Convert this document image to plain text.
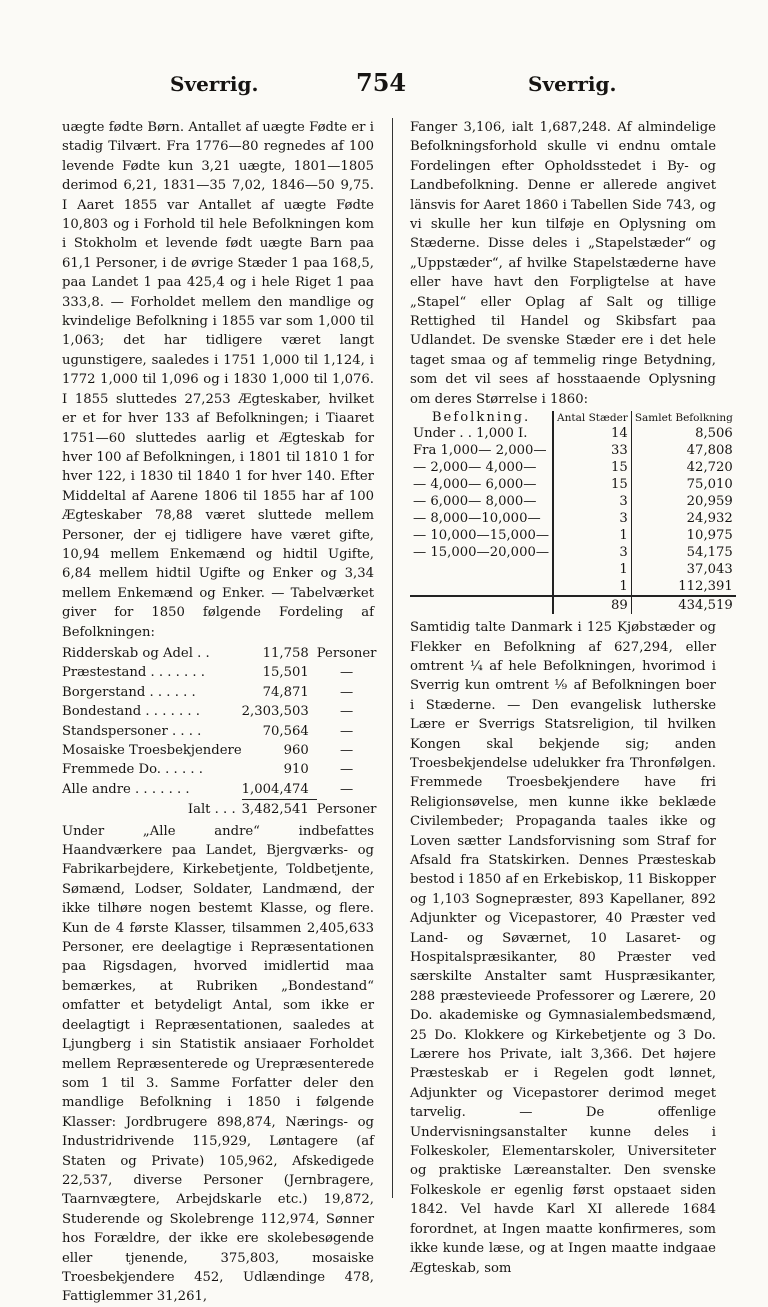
Sverrig.	754	Sverrig.

uægte fødte Børn. Antallet af uægte Fødte er i stadig Tilvært. Fra 1776—80 regnedes af 100 levende Fødte kun 3,21 uægte, 1801—1805 derimod 6,21, 1831—35 7,02, 1846—50 9,75. I Aaret 1855 var Antallet af uægte Fødte 10,803 og i Forhold til hele Befolkningen kom i Stokholm et levende født uægte Barn paa 61,1 Personer, i de øvrige Stæder 1 paa 168,5, paa Landet 1 paa 425,4 og i hele Riget 1 paa 333,8. — Forholdet mellem den mandlige og kvindelige Befolkning i 1855 var som 1,000 til 1,063; det har tidligere været langt ugunstigere, saaledes i 1751 1,000 til 1,124, i 1772 1,000 til 1,096 og i 1830 1,000 til 1,076. I 1855 sluttedes 27,253 Ægteskaber, hvilket er et for hver 133 af Befolkningen; i Tiaaret 1751—60 sluttedes aarlig et Ægteskab for hver 100 af Befolkningen, i 1801 til 1810 1 for hver 122, i 1830 til 1840 1 for hver 140. Efter Middeltal af Aarene 1806 til 1855 har af 100 Ægteskaber 78,88 været sluttede mellem Personer, der ej tidligere have været gifte, 10,94 mellem Enkemænd og hidtil Ugifte, 6,84 mellem hidtil Ugifte og Enker og 3,34 mellem Enkemænd og Enker. — Tabelværket giver for 1850 følgende Fordeling af Befolkningen:

Ridderskab og Adel . .	11,758	Personer
Præstestand . . . . . . .	15,501	—
Borgerstand . . . . . .	74,871	—
Bondestand . . . . . . .	2,303,503	—
Standspersoner . . . .	70,564	—
Mosaiske Troesbekjendere	960	—
Fremmede Do. . . . . .	910	—
Alle andre . . . . . . .	1,004,474	—
Ialt . . .	3,482,541	Personer

Under „Alle andre“ indbefattes Haandværkere paa Landet, Bjergværks- og Fabrikarbejdere, Kirkebetjente, Toldbetjente, Sømænd, Lodser, Soldater, Landmænd, der ikke tilhøre nogen bestemt Klasse, og flere. Kun de 4 første Klasser, tilsammen 2,405,633 Personer, ere deelagtige i Repræsentationen paa Rigsdagen, hvorved imidlertid maa bemærkes, at Rubriken „Bondestand“ omfatter et betydeligt Antal, som ikke er deelagtigt i Repræsentationen, saaledes at Ljungberg i sin Statistik ansiaaer Forholdet mellem Repræsenterede og Urepræsenterede som 1 til 3. Samme Forfatter deler den mandlige Befolkning i 1850 i følgende Klasser: Jordbrugere 898,874, Nærings- og Industridrivende 115,929, Løntagere (af Staten og Private) 105,962, Afskedigede 22,537, diverse Personer (Jernbragere, Taarnvægtere, Arbejdskarle etc.) 19,872, Studerende og Skolebrenge 112,974, Sønner hos Forældre, der ikke ere skolebesøgende eller tjenende, 375,803, mosaiske Troesbekjendere 452, Udlændinge 478, Fattiglemmer 31,261,

Fanger 3,106, ialt 1,687,248. Af almindelige Befolkningsforhold skulle vi endnu omtale Fordelingen efter Opholdsstedet i By- og Landbefolkning. Denne er allerede angivet länsvis for Aaret 1860 i Tabellen Side 743, og vi skulle her kun tilføje en Oplysning om Stæderne. Disse deles i „Stapelstæder“ og „Uppstæder“, af hvilke Stapelstæderne have eller have havt den Forpligtelse at have „Stapel“ eller Oplag af Salt og tillige Rettighed til Handel og Skibsfart paa Udlandet. De svenske Stæder ere i det hele taget smaa og af temmelig ringe Betydning, som det vil sees af hosstaaende Oplysning om deres Størrelse i 1860:

Befolkning.	Antal Stæder	Samlet Befolkning
Under . . 1,000 I.	14	8,506
Fra 1,000— 2,000—	33	47,808
— 2,000— 4,000—	15	42,720
— 4,000— 6,000—	15	75,010
— 6,000— 8,000—	3	20,959
— 8,000—10,000—	3	24,932
— 10,000—15,000—	1	10,975
— 15,000—20,000—	3	54,175
	1	37,043
	1	112,391
	89	434,519

Samtidig talte Danmark i 125 Kjøbstæder og Flekker en Befolkning af 627,294, eller omtrent ¼ af hele Befolkningen, hvorimod i Sverrig kun omtrent ⅑ af Befolkningen boer i Stæderne. — Den evangelisk lutherske Lære er Sverrigs Statsreligion, til hvilken Kongen skal bekjende sig; anden Troesbekjendelse udelukker fra Thronfølgen. Fremmede Troesbekjendere have fri Religionsøvelse, men kunne ikke beklæde Civilembeder; Propaganda taales ikke og Loven sætter Landsforvisning som Straf for Afsald fra Statskirken. Dennes Præsteskab bestod i 1850 af en Erkebiskop, 11 Biskopper og 1,103 Sognepræster, 893 Kapellaner, 892 Adjunkter og Vicepastorer, 40 Præster ved Land- og Søværnet, 10 Lasaret- og Hospitalspræsikanter, 80 Præster ved særskilte Anstalter samt Huspræsikanter, 288 præstevieede Professorer og Lærere, 20 Do. akademiske og Gymnasialembedsmænd, 25 Do. Klokkere og Kirkebetjente og 3 Do. Lærere hos Private, ialt 3,366. Det højere Præsteskab er i Regelen godt lønnet, Adjunkter og Vicepastorer derimod meget tarvelig. — De offenlige Undervisningsanstalter kunne deles i Folkeskoler, Elementarskoler, Universiteter og praktiske Læreanstalter. Den svenske Folkeskole er egenlig først opstaaet siden 1842. Vel havde Karl XI allerede 1684 forordnet, at Ingen maatte konfirmeres, som ikke kunde læse, og at Ingen maatte indgaae Ægteskab, som
